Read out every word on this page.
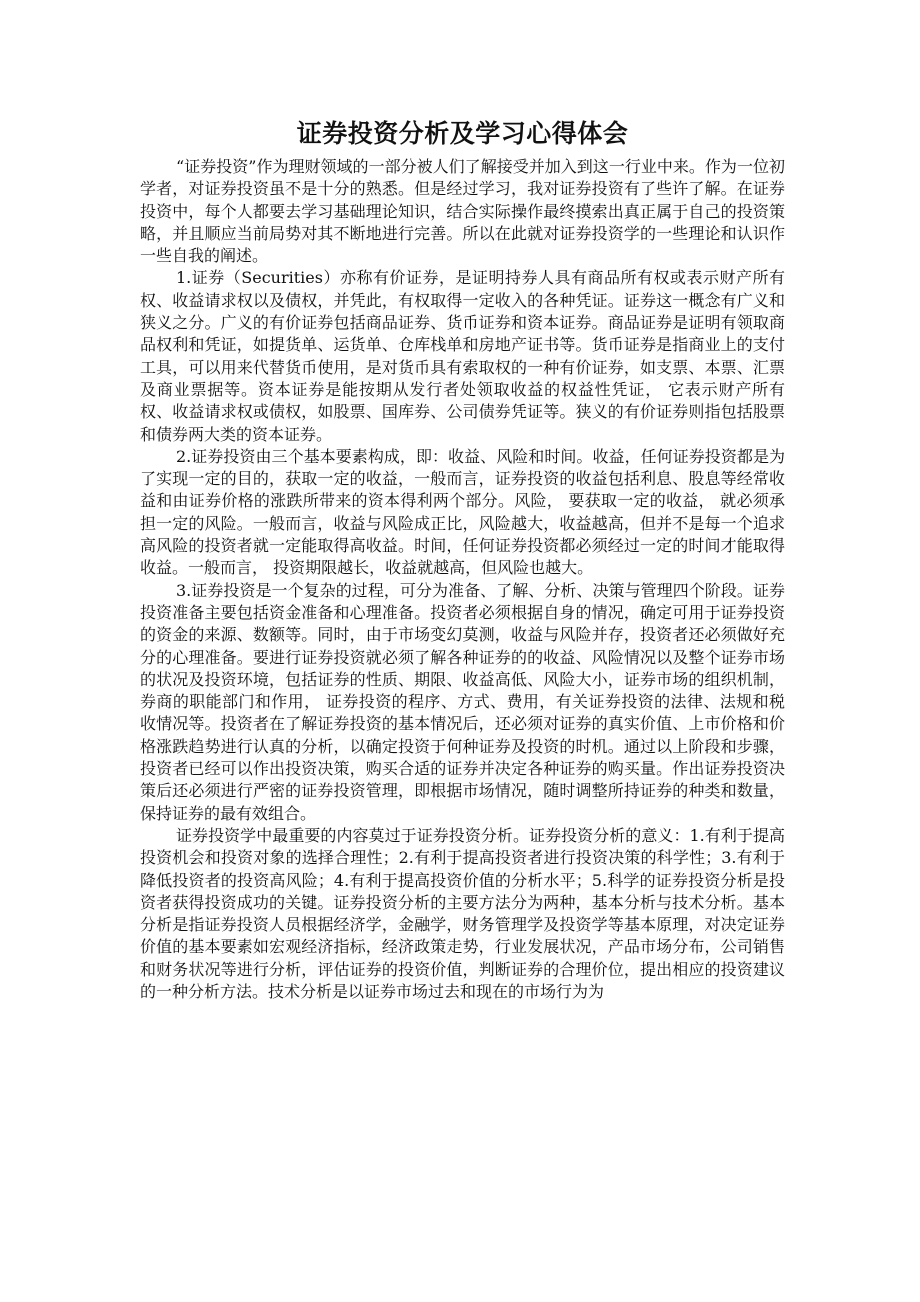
证券投资分析及学习心得体会

“证券投资”作为理财领域的一部分被人们了解接受并加入到这一行业中来。作为一位初学者，对证券投资虽不是十分的熟悉。但是经过学习，我对证券投资有了些许了解。在证券投资中，每个人都要去学习基础理论知识，结合实际操作最终摸索出真正属于自己的投资策略，并且顺应当前局势对其不断地进行完善。所以在此就对证券投资学的一些理论和认识作一些自我的阐述。

1.证券（Securities）亦称有价证券，是证明持券人具有商品所有权或表示财产所有权、收益请求权以及债权，并凭此，有权取得一定收入的各种凭证。证券这一概念有广义和狭义之分。广义的有价证券包括商品证券、货币证券和资本证券。商品证券是证明有领取商品权利和凭证，如提货单、运货单、仓库栈单和房地产证书等。货币证券是指商业上的支付工具，可以用来代替货币使用，是对货币具有索取权的一种有价证券，如支票、本票、汇票及商业票据等。资本证券是能按期从发行者处领取收益的权益性凭证， 它表示财产所有权、收益请求权或债权，如股票、国库券、公司债券凭证等。狭义的有价证券则指包括股票和债券两大类的资本证券。

2.证券投资由三个基本要素构成，即：收益、风险和时间。收益，任何证券投资都是为了实现一定的目的，获取一定的收益，一般而言，证券投资的收益包括利息、股息等经常收益和由证券价格的涨跌所带来的资本得利两个部分。风险， 要获取一定的收益， 就必须承担一定的风险。一般而言，收益与风险成正比，风险越大，收益越高，但并不是每一个追求高风险的投资者就一定能取得高收益。时间，任何证券投资都必须经过一定的时间才能取得收益。一般而言， 投资期限越长，收益就越高，但风险也越大。

3.证券投资是一个复杂的过程，可分为准备、了解、分析、决策与管理四个阶段。证券投资准备主要包括资金准备和心理准备。投资者必须根据自身的情况，确定可用于证券投资的资金的来源、数额等。同时，由于市场变幻莫测，收益与风险并存，投资者还必须做好充分的心理准备。要进行证券投资就必须了解各种证券的的收益、风险情况以及整个证券市场的状况及投资环境，包括证券的性质、期限、收益高低、风险大小，证券市场的组织机制，券商的职能部门和作用， 证券投资的程序、方式、费用，有关证券投资的法律、法规和税收情况等。投资者在了解证券投资的基本情况后，还必须对证券的真实价值、上市价格和价格涨跌趋势进行认真的分析，以确定投资于何种证券及投资的时机。通过以上阶段和步骤，投资者已经可以作出投资决策，购买合适的证券并决定各种证券的购买量。作出证券投资决策后还必须进行严密的证券投资管理，即根据市场情况，随时调整所持证券的种类和数量，保持证券的最有效组合。

证券投资学中最重要的内容莫过于证券投资分析。证券投资分析的意义：1.有利于提高投资机会和投资对象的选择合理性；2.有利于提高投资者进行投资决策的科学性；3.有利于降低投资者的投资高风险；4.有利于提高投资价值的分析水平；5.科学的证券投资分析是投资者获得投资成功的关键。证券投资分析的主要方法分为两种，基本分析与技术分析。基本分析是指证券投资人员根据经济学，金融学，财务管理学及投资学等基本原理，对决定证券价值的基本要素如宏观经济指标，经济政策走势，行业发展状况，产品市场分布，公司销售和财务状况等进行分析，评估证券的投资价值，判断证券的合理价位，提出相应的投资建议的一种分析方法。技术分析是以证券市场过去和现在的市场行为为
